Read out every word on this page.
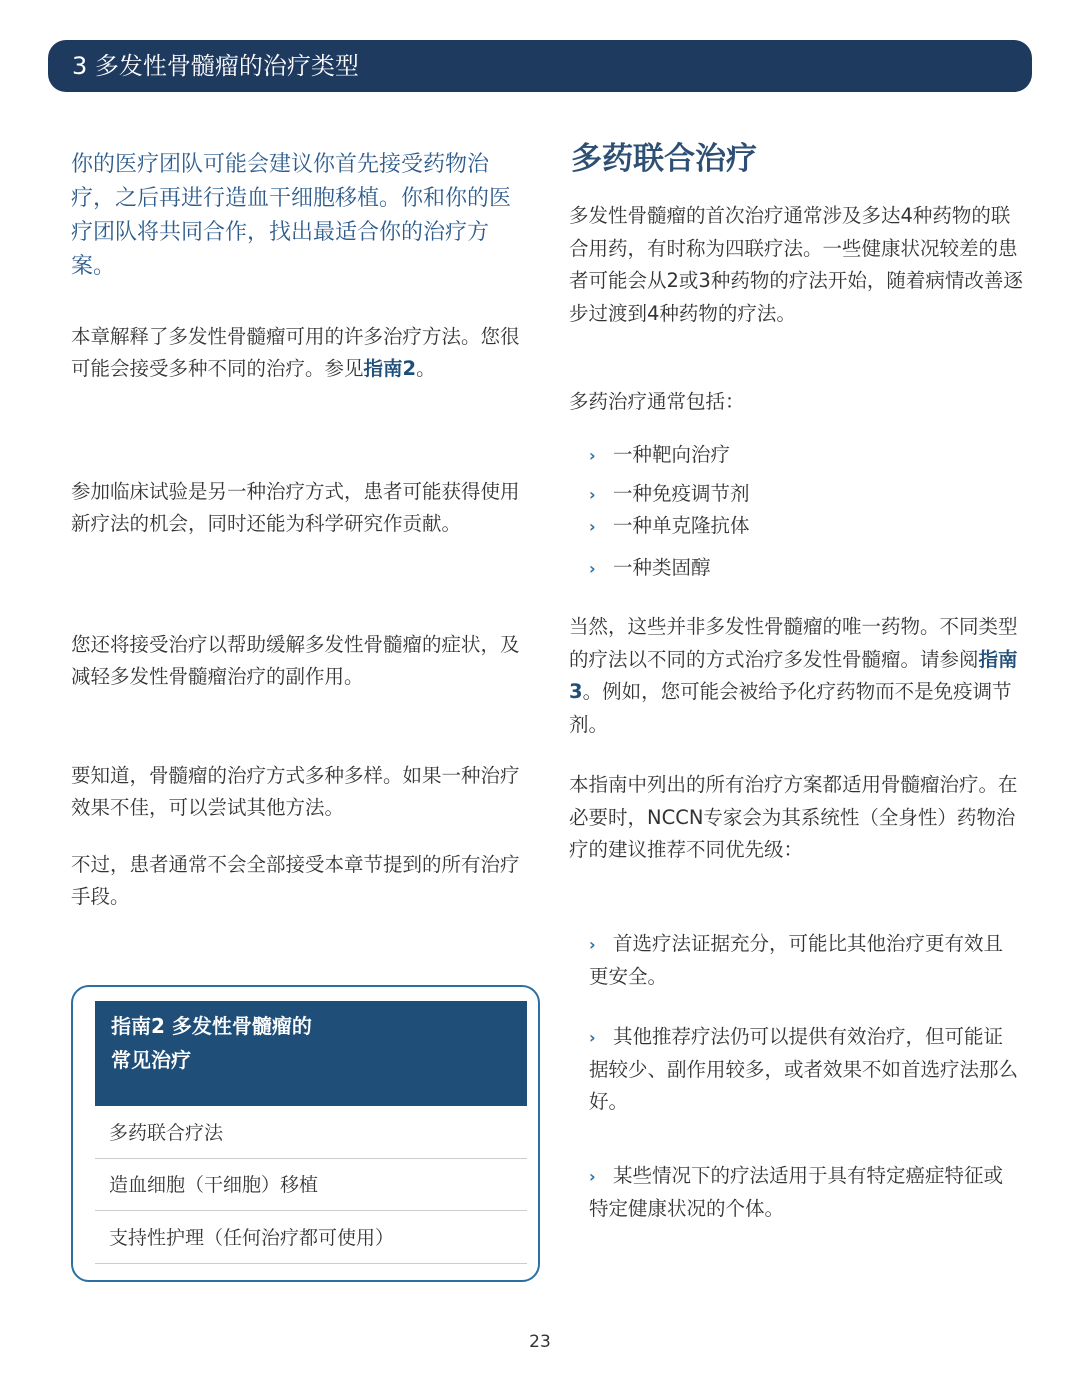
3 多发性骨髓瘤的治疗类型

你的医疗团队可能会建议你首先接受药物治疗，之后再进行造血干细胞移植。你和你的医疗团队将共同合作，找出最适合你的治疗方案。

本章解释了多发性骨髓瘤可用的许多治疗方法。您很可能会接受多种不同的治疗。参见指南2。

参加临床试验是另一种治疗方式，患者可能获得使用新疗法的机会，同时还能为科学研究作贡献。

您还将接受治疗以帮助缓解多发性骨髓瘤的症状，及减轻多发性骨髓瘤治疗的副作用。

要知道，骨髓瘤的治疗方式多种多样。如果一种治疗效果不佳，可以尝试其他方法。

不过，患者通常不会全部接受本章节提到的所有治疗手段。

指南2 多发性骨髓瘤的
常见治疗
多药联合疗法
造血细胞（干细胞）移植
支持性护理（任何治疗都可使用）
多药联合治疗

多发性骨髓瘤的首次治疗通常涉及多达4种药物的联合用药，有时称为四联疗法。一些健康状况较差的患者可能会从2或3种药物的疗法开始，随着病情改善逐步过渡到4种药物的疗法。

多药治疗通常包括：

› 一种靶向治疗
› 一种免疫调节剂
› 一种单克隆抗体
› 一种类固醇

当然，这些并非多发性骨髓瘤的唯一药物。不同类型的疗法以不同的方式治疗多发性骨髓瘤。请参阅指南3。例如，您可能会被给予化疗药物而不是免疫调节剂。

本指南中列出的所有治疗方案都适用骨髓瘤治疗。在必要时，NCCN专家会为其系统性（全身性）药物治疗的建议推荐不同优先级：

› 首选疗法证据充分，可能比其他治疗更有效且更安全。
› 其他推荐疗法仍可以提供有效治疗，但可能证据较少、副作用较多，或者效果不如首选疗法那么好。
› 某些情况下的疗法适用于具有特定癌症特征或特定健康状况的个体。
23
